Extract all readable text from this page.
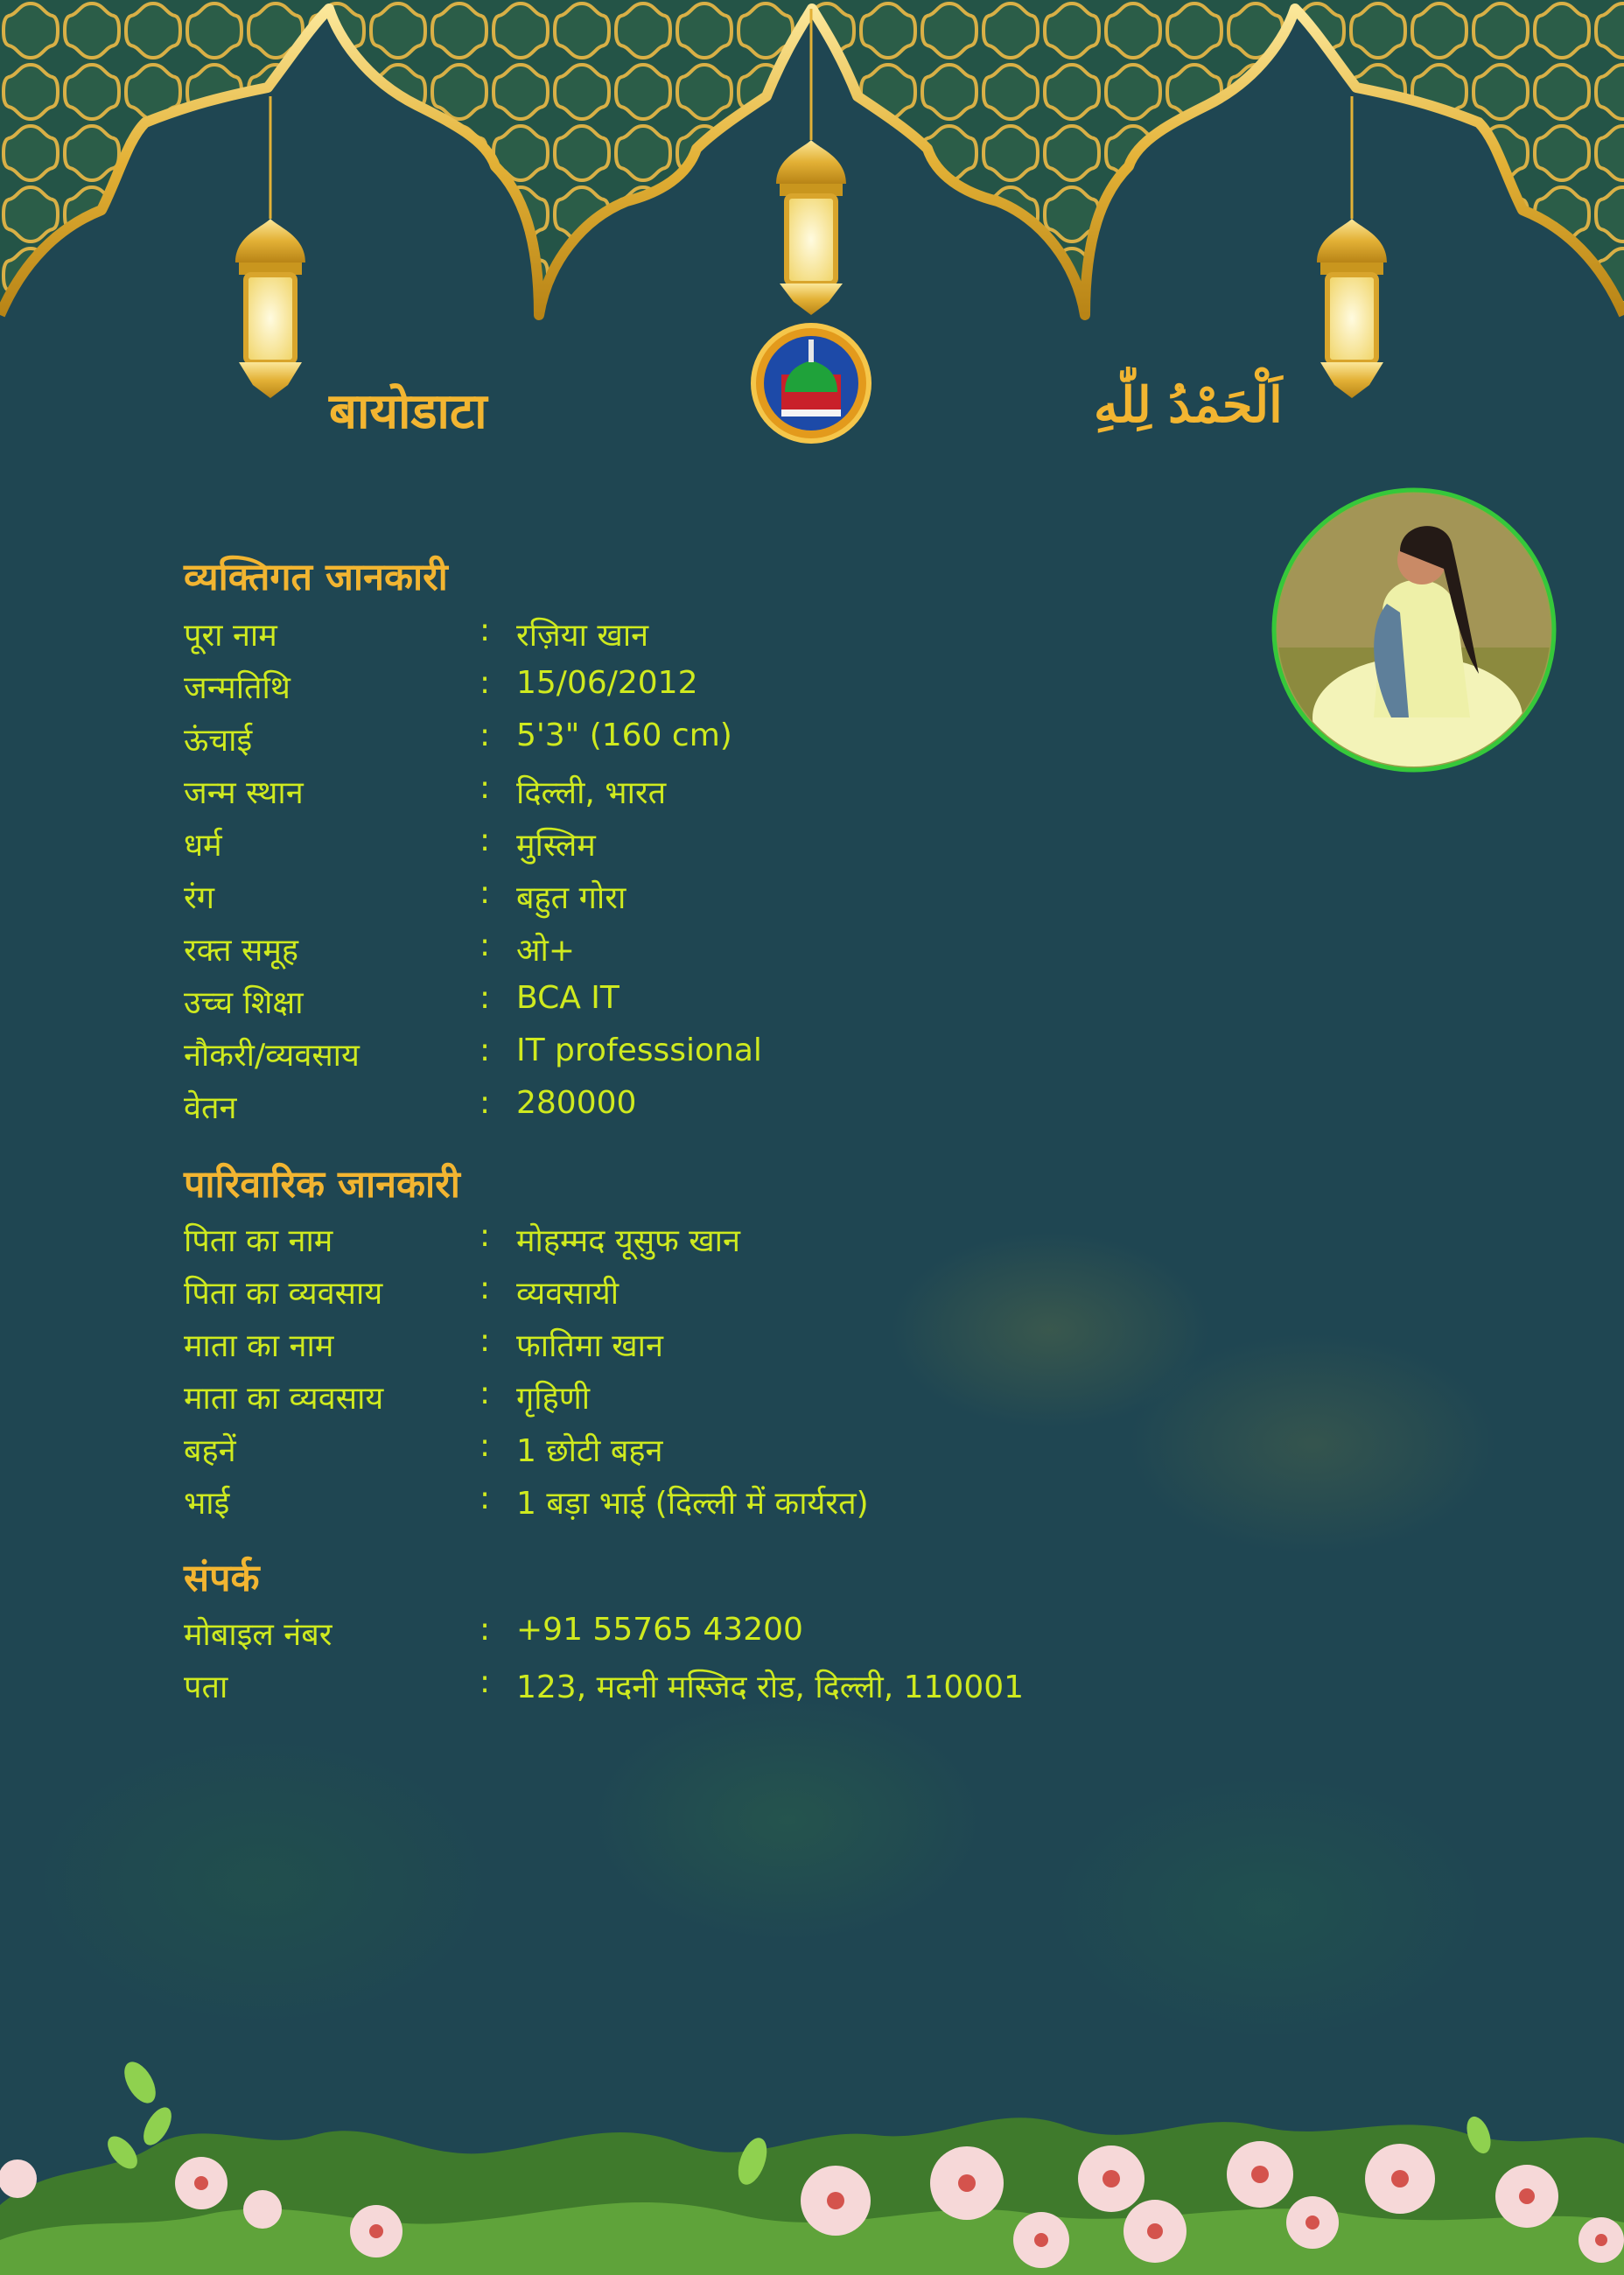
बायोडाटा	اَلْحَمْدُ لِلّٰهِ
व्यक्तिगत जानकारी
पूरा नाम	: रज़िया खान
जन्मतिथि	: 15/06/2012
ऊंचाई	: 5'3" (160 cm)
जन्म स्थान	: दिल्ली, भारत
धर्म	: मुस्लिम
रंग	: बहुत गोरा
रक्त समूह	: ओ+
उच्च शिक्षा	: BCA IT
नौकरी/व्यवसाय	: IT professsional
वेतन	: 280000
पारिवारिक जानकारी
पिता का नाम	: मोहम्मद यूसुफ खान
पिता का व्यवसाय	: व्यवसायी
माता का नाम	: फातिमा खान
माता का व्यवसाय	: गृहिणी
बहनें	: 1 छोटी बहन
भाई	: 1 बड़ा भाई (दिल्ली में कार्यरत)
संपर्क
मोबाइल नंबर	: +91 55765 43200
पता	: 123, मदनी मस्जिद रोड, दिल्ली, 110001
